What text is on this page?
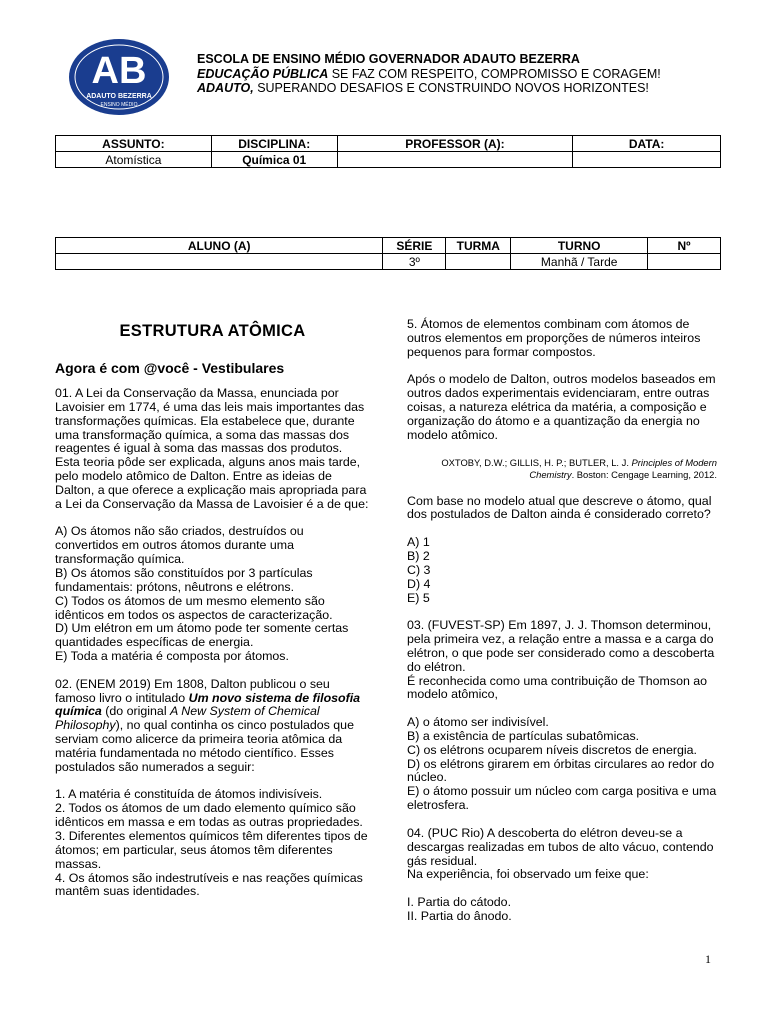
AB
ADAUTO BEZERRA
ENSINO MÉDIO
ESCOLA DE ENSINO MÉDIO GOVERNADOR ADAUTO BEZERRA
EDUCAÇÃO PÚBLICA SE FAZ COM RESPEITO, COMPROMISSO E CORAGEM!
ADAUTO, SUPERANDO DESAFIOS E CONSTRUINDO NOVOS HORIZONTES!
ASSUNTO:	DISCIPLINA:	PROFESSOR (A):	DATA:
Atomística	Química 01		
ALUNO (A)	SÉRIE	TURMA	TURNO	Nº
	3º		Manhã / Tarde	
ESTRUTURA ATÔMICA
Agora é com @você - Vestibulares

01. A Lei da Conservação da Massa, enunciada por Lavoisier em 1774, é uma das leis mais importantes das transformações químicas. Ela estabelece que, durante uma transformação química, a soma das massas dos reagentes é igual à soma das massas dos produtos. Esta teoria pôde ser explicada, alguns anos mais tarde, pelo modelo atômico de Dalton. Entre as ideias de Dalton, a que oferece a explicação mais apropriada para a Lei da Conservação da Massa de Lavoisier é a de que:

A) Os átomos não são criados, destruídos ou convertidos em outros átomos durante uma transformação química.

B) Os átomos são constituídos por 3 partículas fundamentais: prótons, nêutrons e elétrons.

C) Todos os átomos de um mesmo elemento são idênticos em todos os aspectos de caracterização.

D) Um elétron em um átomo pode ter somente certas quantidades específicas de energia.

E) Toda a matéria é composta por átomos.

02. (ENEM 2019) Em 1808, Dalton publicou o seu famoso livro o intitulado Um novo sistema de filosofia química (do original A New System of Chemical Philosophy), no qual continha os cinco postulados que serviam como alicerce da primeira teoria atômica da matéria fundamentada no método científico. Esses postulados são numerados a seguir:

1. A matéria é constituída de átomos indivisíveis.

2. Todos os átomos de um dado elemento químico são idênticos em massa e em todas as outras propriedades.

3. Diferentes elementos químicos têm diferentes tipos de átomos; em particular, seus átomos têm diferentes massas.

4. Os átomos são indestrutíveis e nas reações químicas mantêm suas identidades.

5. Átomos de elementos combinam com átomos de outros elementos em proporções de números inteiros pequenos para formar compostos.

Após o modelo de Dalton, outros modelos baseados em outros dados experimentais evidenciaram, entre outras coisas, a natureza elétrica da matéria, a composição e organização do átomo e a quantização da energia no modelo atômico.

OXTOBY, D.W.; GILLIS, H. P.; BUTLER, L. J. Principles of Modern Chemistry. Boston: Cengage Learning, 2012.

Com base no modelo atual que descreve o átomo, qual dos postulados de Dalton ainda é considerado correto?

A) 1

B) 2

C) 3

D) 4

E) 5

03. (FUVEST-SP) Em 1897, J. J. Thomson determinou, pela primeira vez, a relação entre a massa e a carga do elétron, o que pode ser considerado como a descoberta do elétron.

É reconhecida como uma contribuição de Thomson ao modelo atômico,

A) o átomo ser indivisível.

B) a existência de partículas subatômicas.

C) os elétrons ocuparem níveis discretos de energia.

D) os elétrons girarem em órbitas circulares ao redor do núcleo.

E) o átomo possuir um núcleo com carga positiva e uma eletrosfera.

04. (PUC Rio) A descoberta do elétron deveu-se a descargas realizadas em tubos de alto vácuo, contendo gás residual.

Na experiência, foi observado um feixe que:

I. Partia do cátodo.

II. Partia do ânodo.

1
